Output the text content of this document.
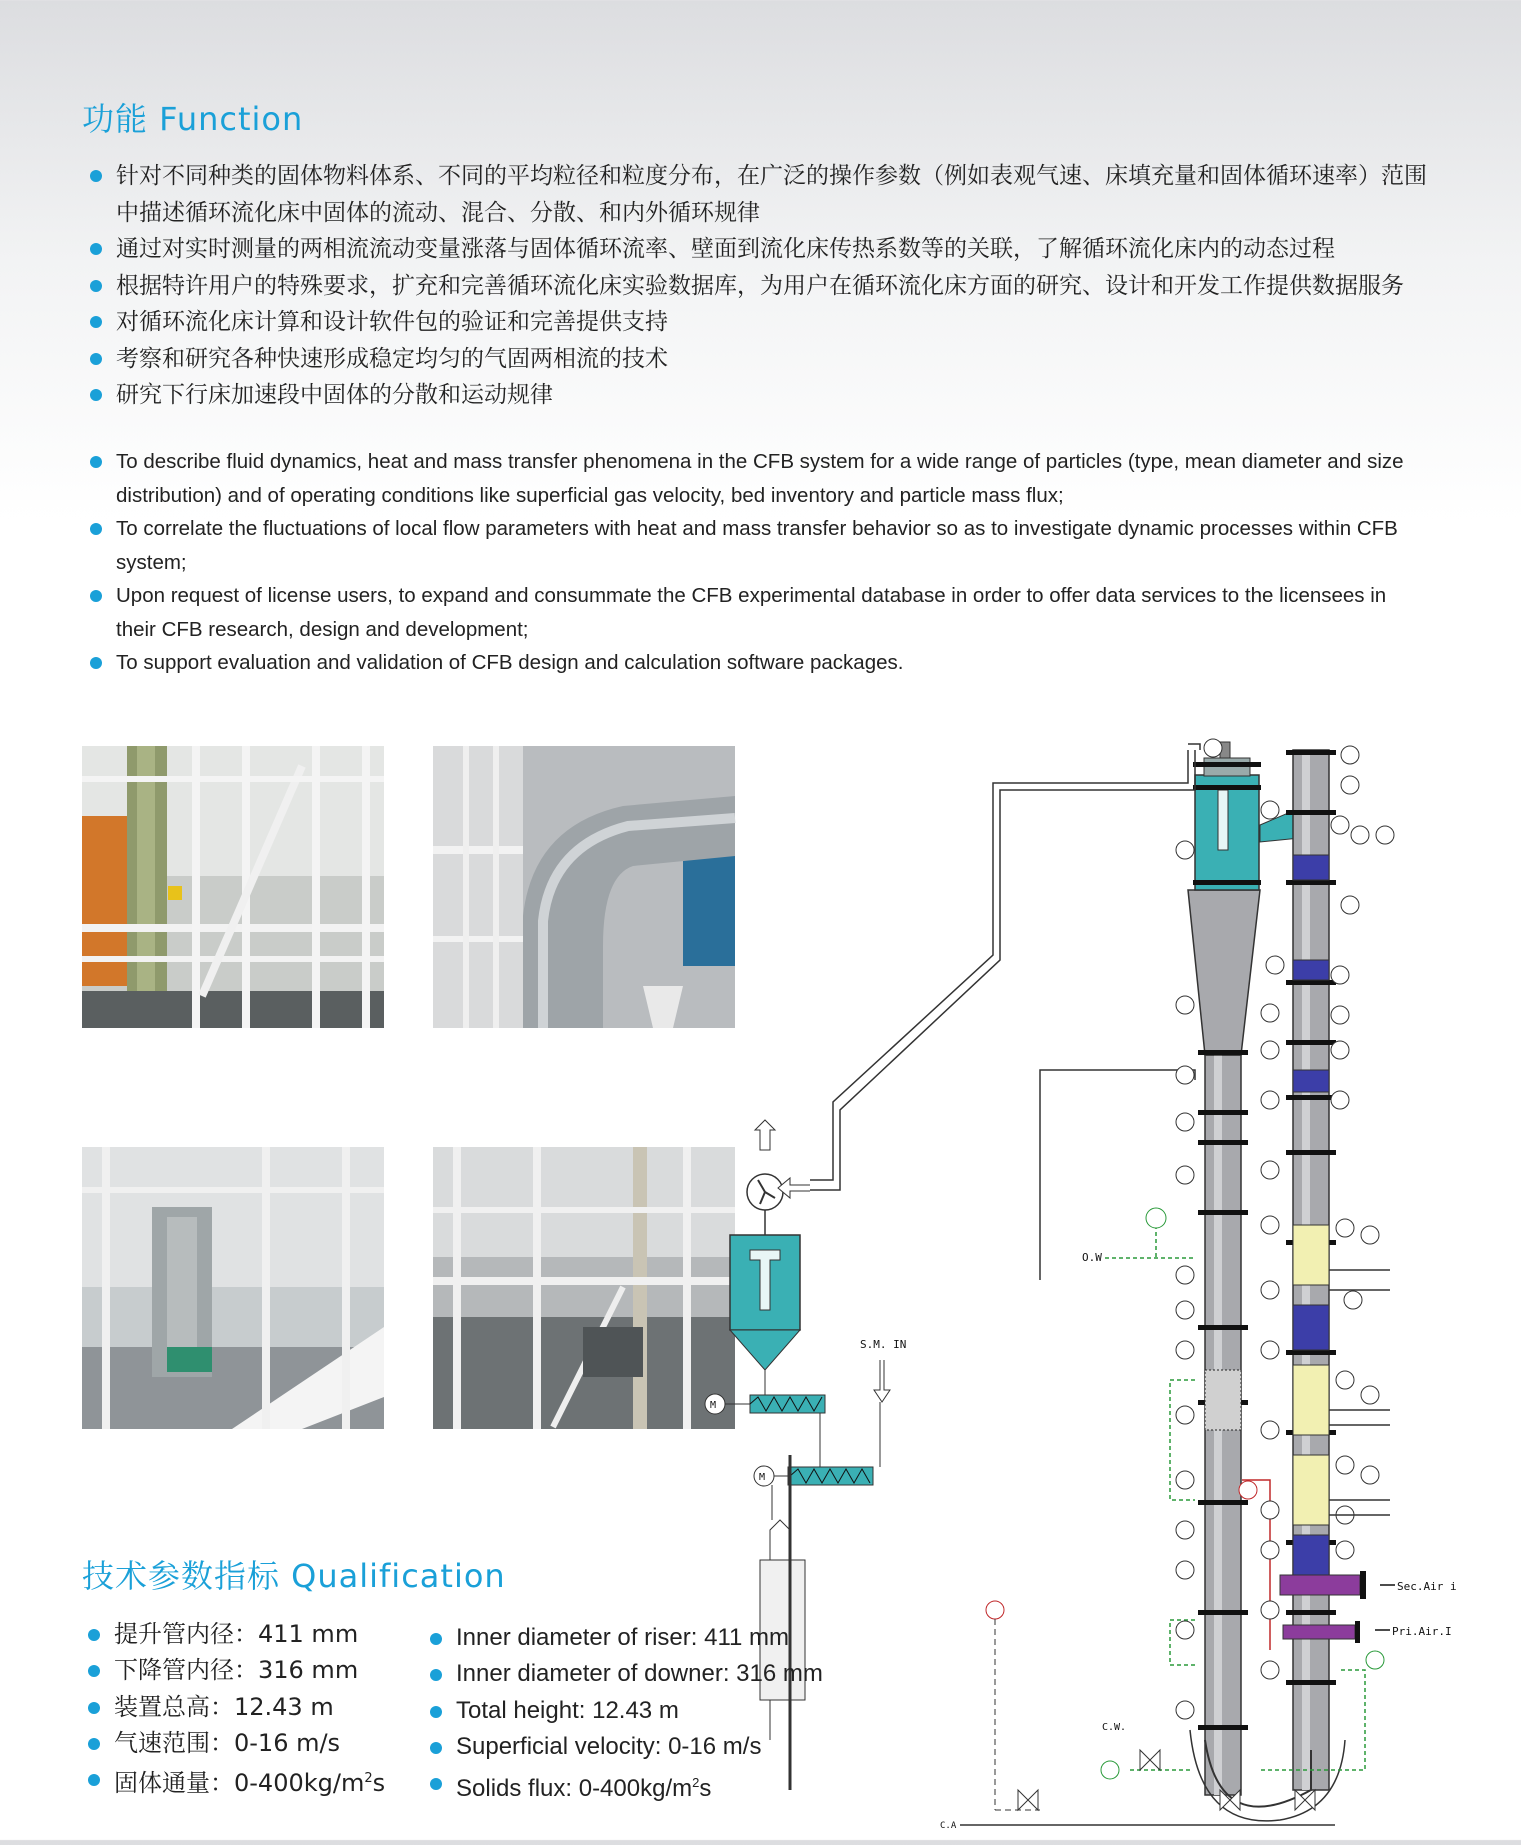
功能 Function
针对不同种类的固体物料体系、不同的平均粒径和粒度分布，在广泛的操作参数（例如表观气速、床填充量和固体循环速率）范围中描述循环流化床中固体的流动、混合、分散、和内外循环规律
通过对实时测量的两相流流动变量涨落与固体循环流率、壁面到流化床传热系数等的关联，了解循环流化床内的动态过程
根据特许用户的特殊要求，扩充和完善循环流化床实验数据库，为用户在循环流化床方面的研究、设计和开发工作提供数据服务
对循环流化床计算和设计软件包的验证和完善提供支持
考察和研究各种快速形成稳定均匀的气固两相流的技术
研究下行床加速段中固体的分散和运动规律
To describe fluid dynamics, heat and mass transfer phenomena in the CFB system for a wide range of particles (type, mean diameter and size distribution) and of operating conditions like superficial gas velocity, bed inventory and particle mass flux;
To correlate the fluctuations of local flow parameters with heat and mass transfer behavior so as to investigate dynamic processes within CFB system;
Upon request of license users, to expand and consummate the CFB experimental database in order to offer data services to the licensees in their CFB research, design and development;
To support evaluation and validation of CFB design and calculation software packages.
Sec.Air i
Pri.Air.I
M
M
S.M. IN
O.W
C.W.
C.A
技术参数指标 Qualification
提升管内径：411 mm
下降管内径：316 mm
装置总高：12.43 m
气速范围：0-16 m/s
固体通量：$0-400kg/m^2s$
Inner diameter of riser: 411 mm
Inner diameter of downer: 316 mm
Total height: 12.43 m
Superficial velocity: 0-16 m/s
Solids flux: $0-400kg/m^2s$
